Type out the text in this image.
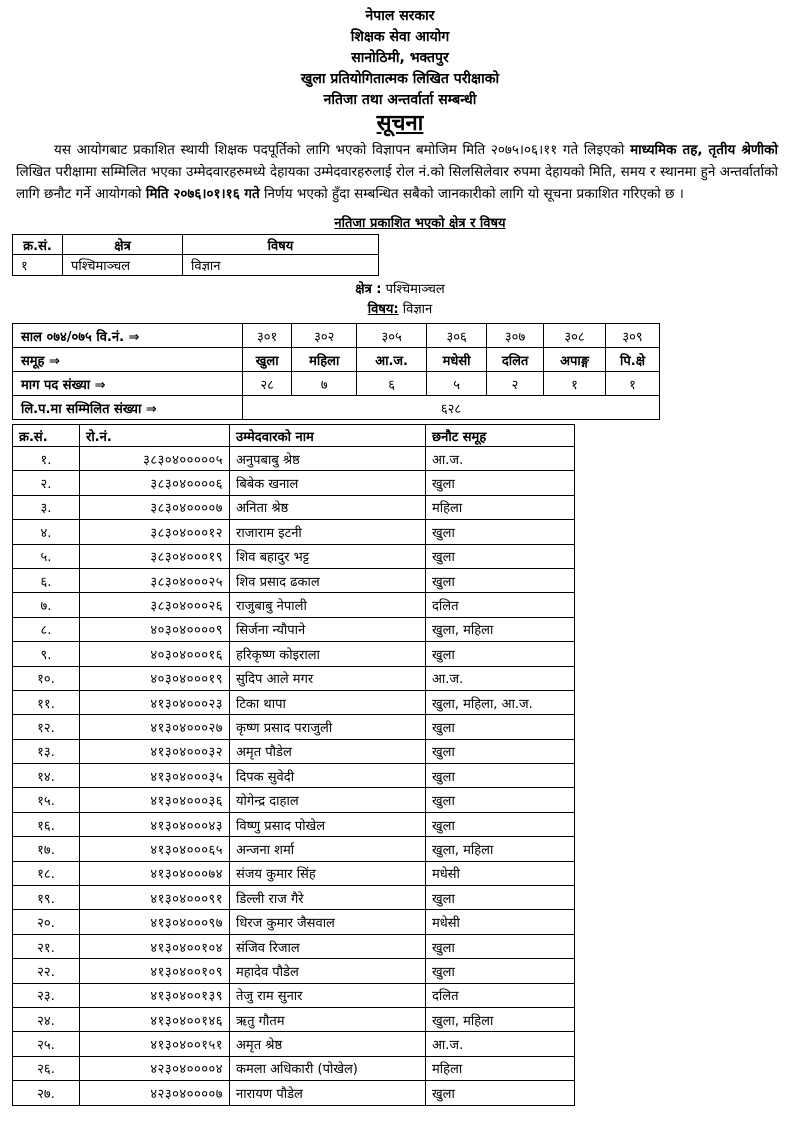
नेपाल सरकार
शिक्षक सेवा आयोग
सानोठिमी, भक्तपुर
खुला प्रतियोगितात्मक लिखित परीक्षाको
नतिजा तथा अन्तर्वार्ता सम्बन्धी
सूचना

यस आयोगबाट प्रकाशित स्थायी शिक्षक पदपूर्तिको लागि भएको विज्ञापन बमोजिम मिति २०७५।०६।११ गते लिइएको माध्यमिक तह, तृतीय श्रेणीको लिखित परीक्षामा सम्मिलित भएका उम्मेदवारहरुमध्ये देहायका उम्मेदवारहरुलाई रोल नं.को सिलसिलेवार रुपमा देहायको मिति, समय र स्थानमा हुने अन्तर्वार्ताको लागि छनौट गर्ने आयोगको मिति २०७६।०१।१६ गते निर्णय भएको हुँदा सम्बन्धित सबैको जानकारीको लागि यो सूचना प्रकाशित गरिएको छ ।

नतिजा प्रकाशित भएको क्षेत्र र विषय
क्र.सं.	क्षेत्र	विषय
१	पश्चिमाञ्चल	विज्ञान
क्षेत्र : पश्चिमाञ्चल
विषय: विज्ञान
साल ०७४/०७५ वि.नं. ⇒	३०१	३०२	३०५	३०६	३०७	३०८	३०९
समूह ⇒	खुला	महिला	आ.ज.	मधेसी	दलित	अपाङ्ग	पि.क्षे
माग पद संख्या ⇒	२८	७	६	५	२	१	१
लि.प.मा सम्मिलित संख्या ⇒	६२८						
क्र.सं.	रो.नं.	उम्मेदवारको नाम	छनौट समूह
१.	३८३०४०००००५	अनुपबाबु श्रेष्ठ	आ.ज.
२.	३८३०४००००६	बिबेक खनाल	खुला
३.	३८३०४००००७	अनिता श्रेष्ठ	महिला
४.	३८३०४०००१२	राजाराम इटनी	खुला
५.	३८३०४०००१९	शिव बहादुर भट्ट	खुला
६.	३८३०४०००२५	शिव प्रसाद ढकाल	खुला
७.	३८३०४०००२६	राजुबाबु नेपाली	दलित
८.	४०३०४००००९	सिर्जना न्यौपाने	खुला, महिला
९.	४०३०४०००१६	हरिकृष्ण कोइराला	खुला
१०.	४०३०४०००१९	सुदिप आले मगर	आ.ज.
११.	४१३०४०००२३	टिका थापा	खुला, महिला, आ.ज.
१२.	४१३०४०००२७	कृष्ण प्रसाद पराजुली	खुला
१३.	४१३०४०००३२	अमृत पौडेल	खुला
१४.	४१३०४०००३५	दिपक सुवेदी	खुला
१५.	४१३०४०००३६	योगेन्द्र दाहाल	खुला
१६.	४१३०४०००४३	विष्णु प्रसाद पोखेल	खुला
१७.	४१३०४०००६५	अन्जना शर्मा	खुला, महिला
१८.	४१३०४०००७४	संजय कुमार सिंह	मधेसी
१९.	४१३०४०००९१	डिल्ली राज गैरे	खुला
२०.	४१३०४०००९७	धिरज कुमार जैसवाल	मधेसी
२१.	४१३०४००१०४	संजिव रिजाल	खुला
२२.	४१३०४००१०९	महादेव पौडेल	खुला
२३.	४१३०४००१३९	तेजु राम सुनार	दलित
२४.	४१३०४००१४६	ऋतु गौतम	खुला, महिला
२५.	४१३०४००१५१	अमृत श्रेष्ठ	आ.ज.
२६.	४२३०४००००४	कमला अधिकारी (पोखेल)	महिला
२७.	४२३०४००००७	नारायण पौडेल	खुला
